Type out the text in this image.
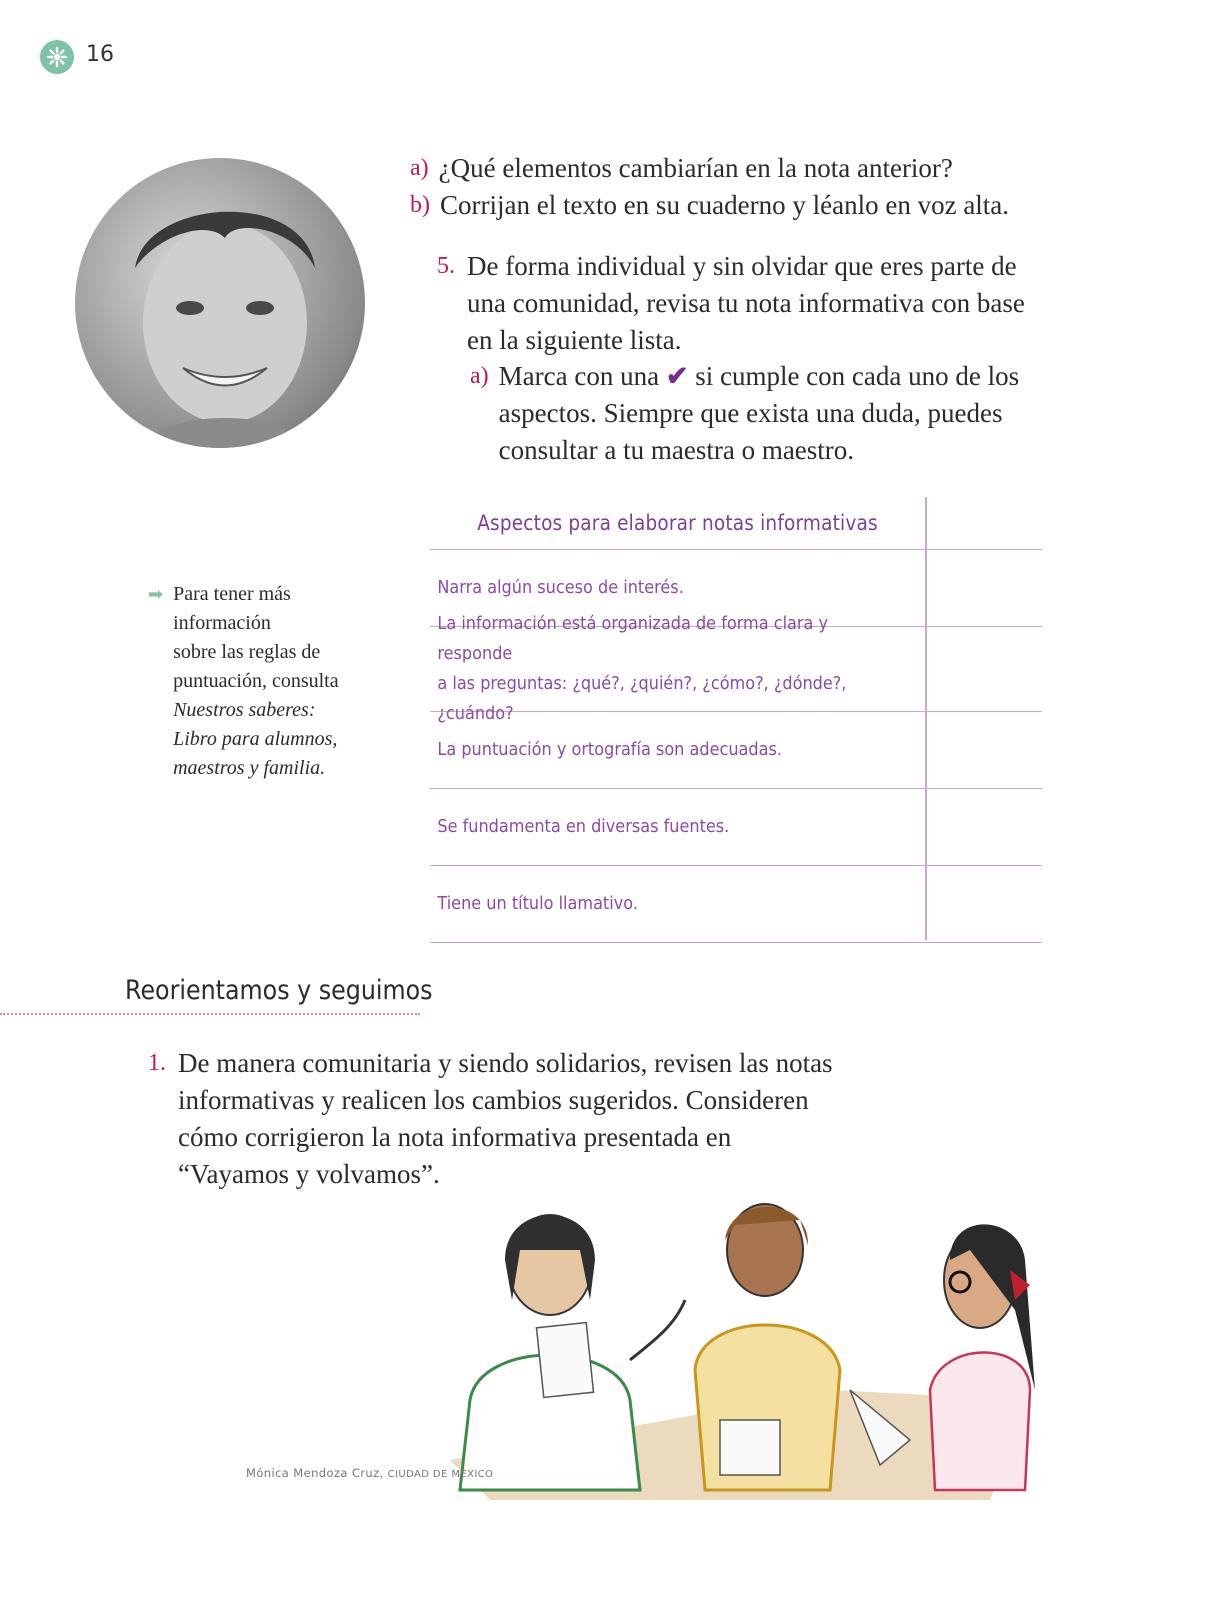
16
a) ¿Qué elementos cambiarían en la nota anterior?
b) Corrijan el texto en su cuaderno y léanlo en voz alta.
5. De forma individual y sin olvidar que eres parte de
una comunidad, revisa tu nota informativa con base
en la siguiente lista.
a) Marca con una ✔ si cumple con cada uno de los
aspectos. Siempre que exista una duda, puedes
consultar a tu maestra o maestro.
Aspectos para elaborar notas informativas
Narra algún suceso de interés.
La información está organizada de forma clara y responde
a las preguntas: ¿qué?, ¿quién?, ¿cómo?, ¿dónde?, ¿cuándo?
La puntuación y ortografía son adecuadas.
Se fundamenta en diversas fuentes.
Tiene un título llamativo.
➡ Para tener más
información
sobre las reglas de
puntuación, consulta
Nuestros saberes:
Libro para alumnos,
maestros y familia.
Reorientamos y seguimos
1. De manera comunitaria y siendo solidarios, revisen las notas
informativas y realicen los cambios sugeridos. Consideren
cómo corrigieron la nota informativa presentada en
“Vayamos y volvamos”.
Mónica Mendoza Cruz, CIUDAD DE MÉXICO
